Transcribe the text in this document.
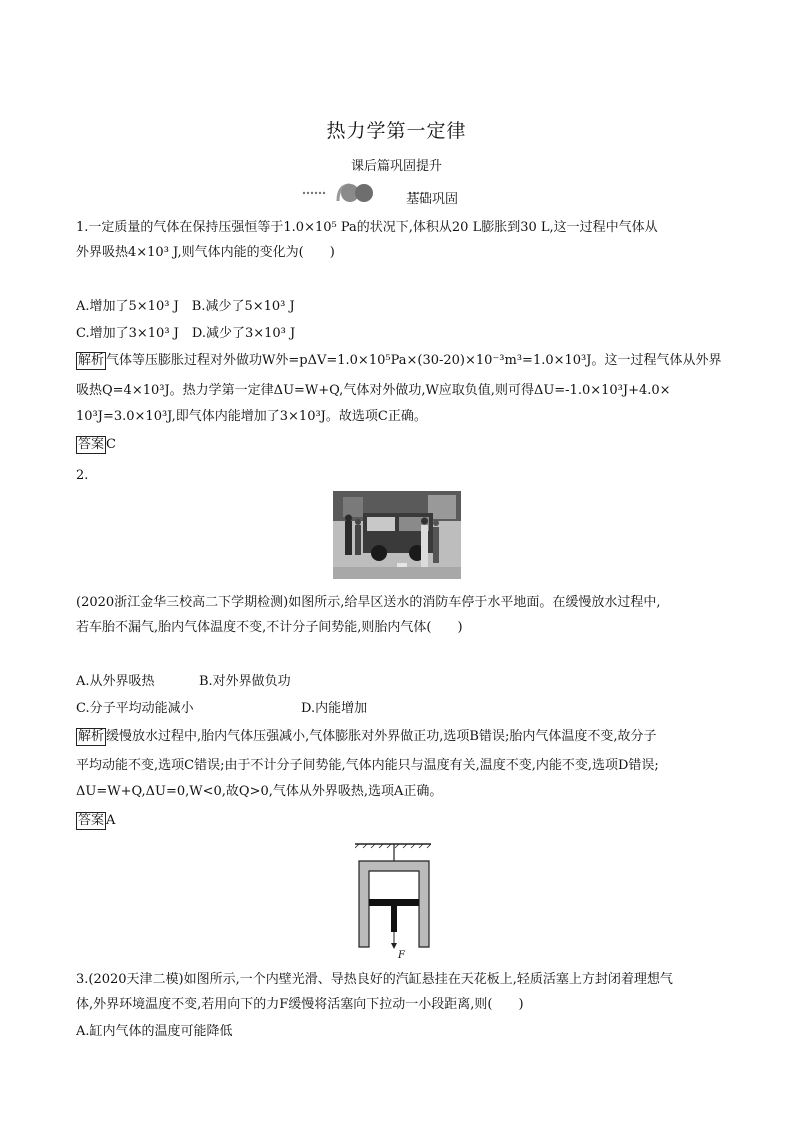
热力学第一定律
课后篇巩固提升
基础巩固
1.一定质量的气体在保持压强恒等于1.0×10⁵ Pa的状况下,体积从20 L膨胀到30 L,这一过程中气体从
外界吸热4×10³ J,则气体内能的变化为(　　)
A.增加了5×10³ J　B.减少了5×10³ J
C.增加了3×10³ J　D.减少了3×10³ J
解析 气体等压膨胀过程对外做功W外=pΔV=1.0×10⁵Pa×(30-20)×10⁻³m³=1.0×10³J。这一过程气体从外界
吸热Q=4×10³J。热力学第一定律ΔU=W+Q,气体对外做功,W应取负值,则可得ΔU=-1.0×10³J+4.0×
10³J=3.0×10³J,即气体内能增加了3×10³J。故选项C正确。
答案 C
2.
(2020浙江金华三校高二下学期检测)如图所示,给旱区送水的消防车停于水平地面。在缓慢放水过程中,
若车胎不漏气,胎内气体温度不变,不计分子间势能,则胎内气体(　　)
A.从外界吸热	B.对外界做负功
C.分子平均动能减小	D.内能增加
解析 缓慢放水过程中,胎内气体压强减小,气体膨胀对外界做正功,选项B错误;胎内气体温度不变,故分子
平均动能不变,选项C错误;由于不计分子间势能,气体内能只与温度有关,温度不变,内能不变,选项D错误;
ΔU=W+Q,ΔU=0,W<0,故Q>0,气体从外界吸热,选项A正确。
答案 A
F
3.(2020天津二模)如图所示,一个内壁光滑、导热良好的汽缸悬挂在天花板上,轻质活塞上方封闭着理想气
体,外界环境温度不变,若用向下的力F缓慢将活塞向下拉动一小段距离,则(　　)
A.缸内气体的温度可能降低
